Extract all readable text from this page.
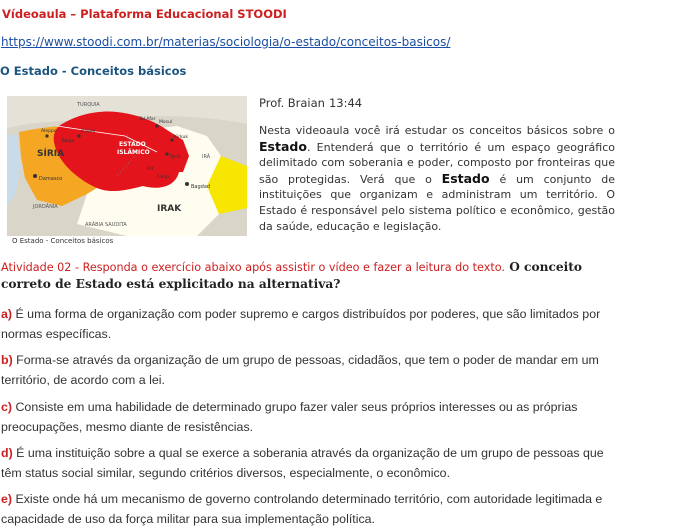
Vídeoaula – Plataforma Educacional STOODI
https://www.stoodi.com.br/materias/sociologia/o-estado/conceitos-basicos/
O Estado - Conceitos básicos
TURQUIA
SÍRIA
IRAK
IRÃ
JORDÂNIA
ARÁBIA SAUDITA
ESTADO
ISLÂMICO
Damasco
Bagdad
Aleppo	Raqqa
Mosul
Kirkuk
Tikrit
Hit
Faluja
Tel Afar
Tabqa
O Estado - Conceitos básicos
Prof. Braian 13:44
Nesta videoaula você irá estudar os conceitos básicos sobre o Estado. Entenderá que o território é um espaço geográfico delimitado com soberania e poder, composto por fronteiras que são protegidas. Verá que o Estado é um conjunto de instituições que organizam e administram um território. O Estado é responsável pelo sistema político e econômico, gestão da saúde, educação e legislação.
Atividade 02 - Responda o exercício abaixo após assistir o vídeo e fazer a leitura do texto. O conceito correto de Estado está explicitado na alternativa?
a) É uma forma de organização com poder supremo e cargos distribuídos por poderes, que são limitados por normas específicas.
b) Forma-se através da organização de um grupo de pessoas, cidadãos, que tem o poder de mandar em um território, de acordo com a lei.
c) Consiste em uma habilidade de determinado grupo fazer valer seus próprios interesses ou as próprias preocupações, mesmo diante de resistências.
d) É uma instituição sobre a qual se exerce a soberania através da organização de um grupo de pessoas que têm status social similar, segundo critérios diversos, especialmente, o econômico.
e) Existe onde há um mecanismo de governo controlando determinado território, com autoridade legitimada e capacidade de uso da força militar para sua implementação política.
